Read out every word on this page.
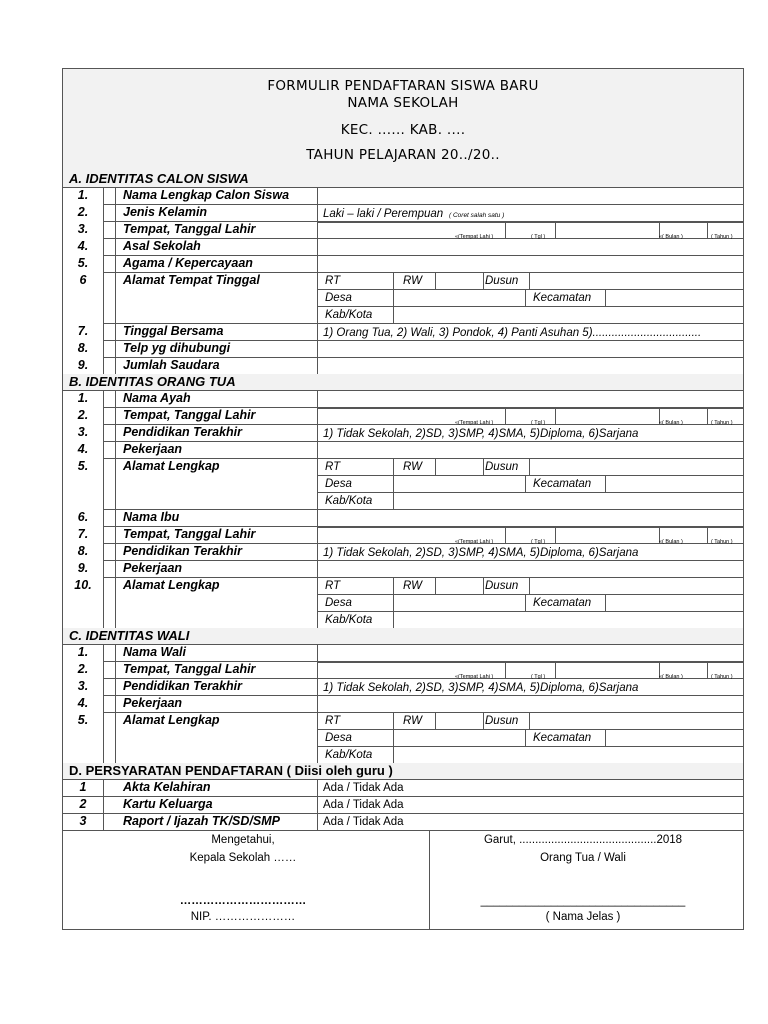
FORMULIR PENDAFTARAN SISWA BARU
NAMA SEKOLAH
KEC. ...... KAB. ....
TAHUN PELAJARAN 20../20..
A. IDENTITAS CALON SISWA
1.	Nama Lengkap Calon Siswa
2.	Jenis Kelamin	Laki – laki / Perempuan ( Coret salah satu )
3.	Tempat, Tanggal Lahir
«(Tempat Lahi )	( Tgl )	«( Bulan )	( Tahun )
4.	Asal Sekolah
5.	Agama / Kepercayaan
6	Alamat Tempat Tinggal	RT	RW	Dusun
Desa	Kecamatan
Kab/Kota
7.	Tinggal Bersama	1) Orang Tua, 2) Wali, 3) Pondok, 4) Panti Asuhan 5)..................................
8.	Telp yg dihubungi
9.	Jumlah Saudara
B. IDENTITAS ORANG TUA
1.	Nama Ayah
2.	Tempat, Tanggal Lahir
«(Tempat Lahi )	( Tgl )	«( Bulan )	( Tahun )
3.	Pendidikan Terakhir	1) Tidak Sekolah, 2)SD, 3)SMP, 4)SMA, 5)Diploma, 6)Sarjana
4.	Pekerjaan
5.	Alamat Lengkap	RT	RW	Dusun
Desa	Kecamatan
Kab/Kota
6.	Nama Ibu
7.	Tempat, Tanggal Lahir
«(Tempat Lahi )	( Tgl )	«( Bulan )	( Tahun )
8.	Pendidikan Terakhir	1) Tidak Sekolah, 2)SD, 3)SMP, 4)SMA, 5)Diploma, 6)Sarjana
9.	Pekerjaan
10.	Alamat Lengkap	RT	RW	Dusun
Desa	Kecamatan
Kab/Kota
C. IDENTITAS WALI
1.	Nama Wali
2.	Tempat, Tanggal Lahir
«(Tempat Lahi )	( Tgl )	«( Bulan )	( Tahun )
3.	Pendidikan Terakhir	1) Tidak Sekolah, 2)SD, 3)SMP, 4)SMA, 5)Diploma, 6)Sarjana
4.	Pekerjaan
5.	Alamat Lengkap	RT	RW	Dusun
Desa	Kecamatan
Kab/Kota
D. PERSYARATAN PENDAFTARAN ( Diisi oleh guru )
1	Akta Kelahiran	Ada / Tidak Ada
2	Kartu Keluarga	Ada / Tidak Ada
3	Raport / Ijazah TK/SD/SMP	Ada / Tidak Ada
Mengetahui,
Kepala Sekolah ……
……………………………
NIP. …………………
Garut, ...........................................2018
Orang Tua / Wali
________________________________
( Nama Jelas )
